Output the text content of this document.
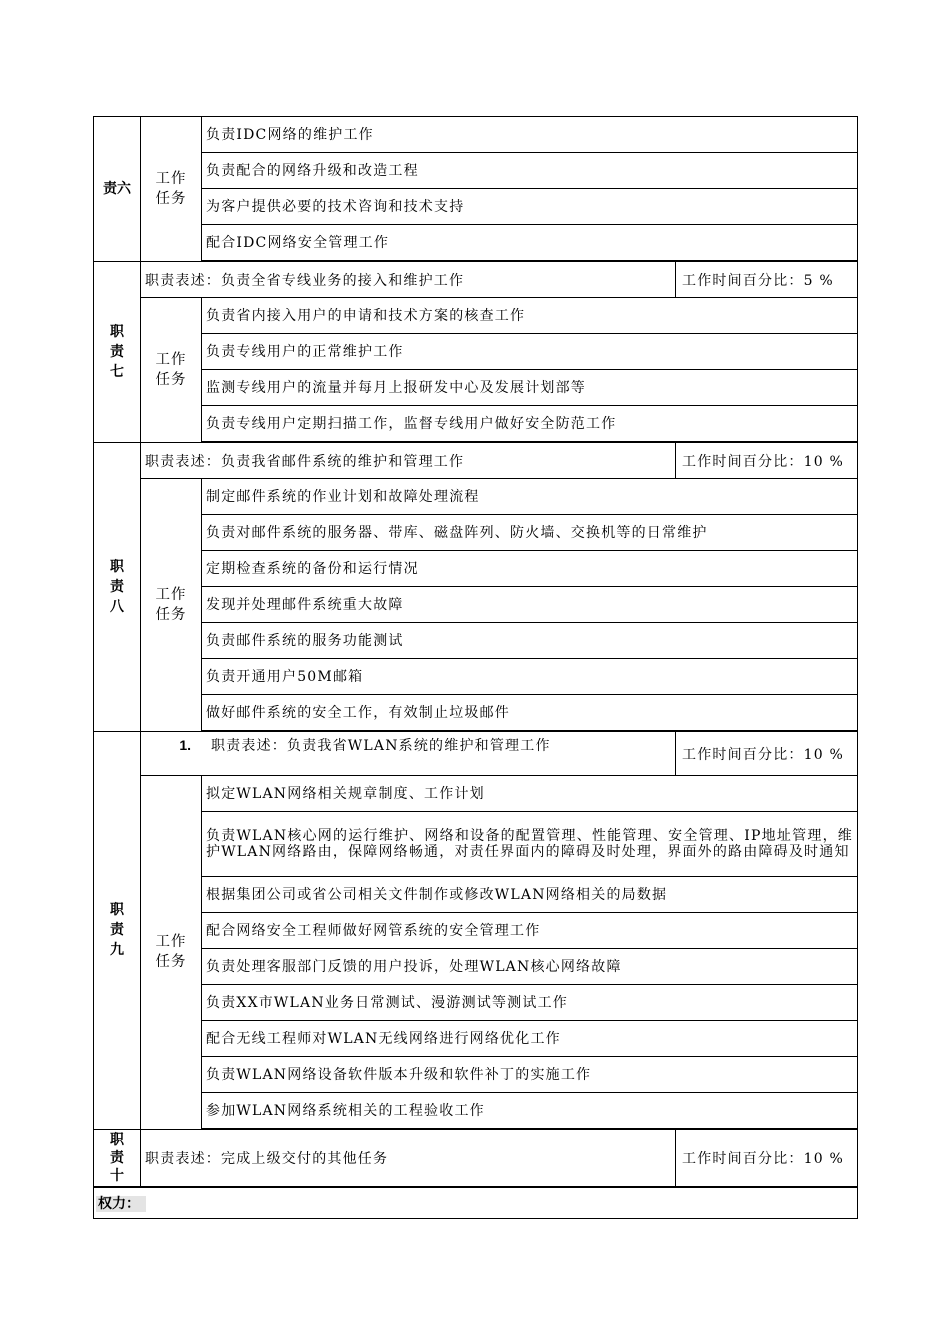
责六	工作任务	负责IDC网络的维护工作	
		负责配合的网络升级和改造工程	
		为客户提供必要的技术咨询和技术支持	
		配合IDC网络安全管理工作	

职责七	职责表述：负责全省专线业务的接入和维护工作		工作时间百分比：5 %

	工作任务	负责省内接入用户的申请和技术方案的核查工作	
		负责专线用户的正常维护工作	
		监测专线用户的流量并每月上报研发中心及发展计划部等	
		负责专线用户定期扫描工作，监督专线用户做好安全防范工作	

职责八	职责表述：负责我省邮件系统的维护和管理工作		工作时间百分比：10 %

	工作任务	制定邮件系统的作业计划和故障处理流程	
		负责对邮件系统的服务器、带库、磁盘阵列、防火墙、交换机等的日常维护	
		定期检查系统的备份和运行情况	
		发现并处理邮件系统重大故障	
		负责邮件系统的服务功能测试	
		负责开通用户50M邮箱	
		做好邮件系统的安全工作，有效制止垃圾邮件	

职责九	1. 职责表述：负责我省WLAN系统的维护和管理工作		工作时间百分比：10 %

	工作任务	拟定WLAN网络相关规章制度、工作计划	
		负责WLAN核心网的运行维护、网络和设备的配置管理、性能管理、安全管理、IP地址管理，维护WLAN网络路由，保障网络畅通，对责任界面内的障碍及时处理，界面外的路由障碍及时通知	
		根据集团公司或省公司相关文件制作或修改WLAN网络相关的局数据	
		配合网络安全工程师做好网管系统的安全管理工作	
		负责处理客服部门反馈的用户投诉，处理WLAN核心网络故障	
		负责XX市WLAN业务日常测试、漫游测试等测试工作	
		配合无线工程师对WLAN无线网络进行网络优化工作	
		负责WLAN网络设备软件版本升级和软件补丁的实施工作	
		参加WLAN网络系统相关的工程验收工作	

职责十	职责表述：完成上级交付的其他任务		工作时间百分比：10 %
权力：			
